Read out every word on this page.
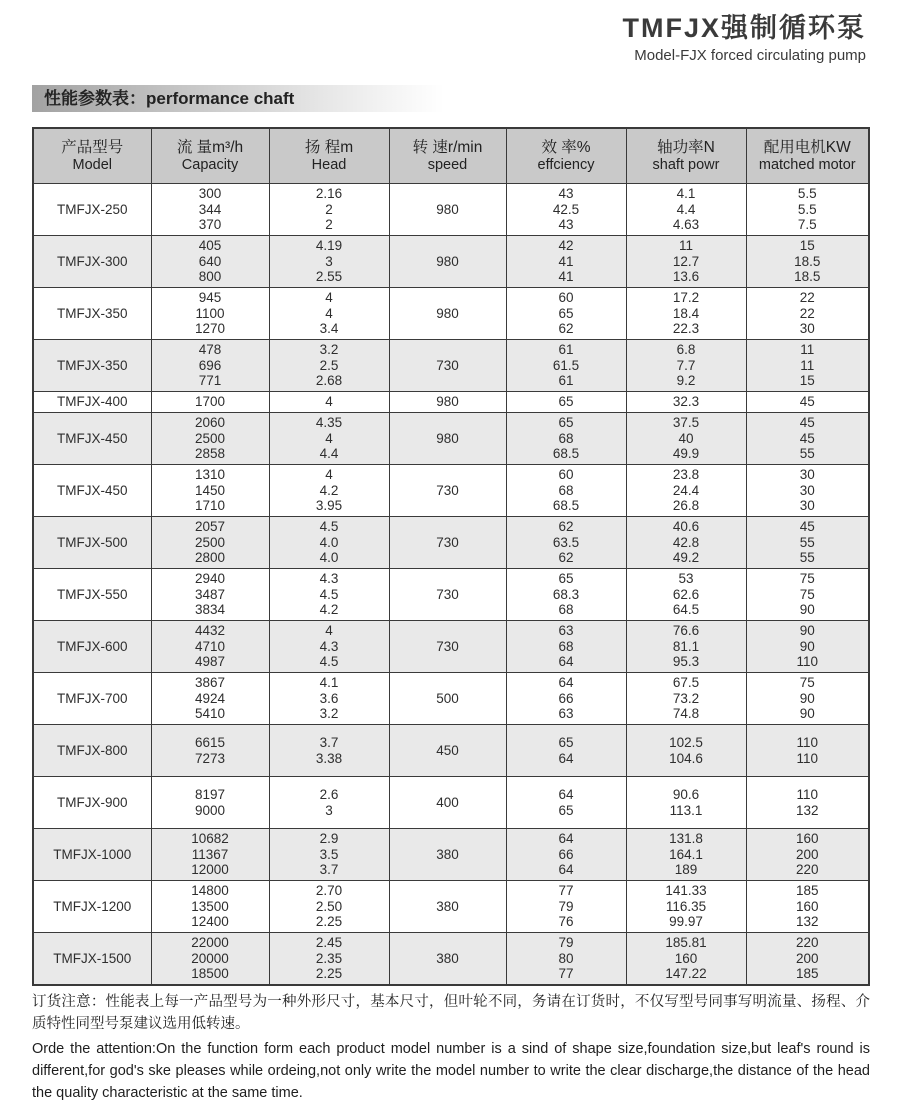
TMFJX强制循环泵
Model-FJX forced circulating pump
性能参数表：performance chaft
产品型号
Model

流 量m³/h
Capacity

扬 程m
Head

转 速r/min
speed

效 率%
effciency

轴功率N
shaft powr

配用电机KW
matched motor

TMFJX-250

300
344
370

2.16
2
2

980

43
42.5
43

4.1
4.4
4.63

5.5
5.5
7.5

TMFJX-300

405
640
800

4.19
3
2.55

980

42
41
41

11
12.7
13.6

15
18.5
18.5

TMFJX-350

945
1100
1270

4
4
3.4

980

60
65
62

17.2
18.4
22.3

22
22
30

TMFJX-350

478
696
771

3.2
2.5
2.68

730

61
61.5
61

6.8
7.7
9.2

11
11
15

TMFJX-400	1700	4	980	65	32.3	45

TMFJX-450

2060
2500
2858

4.35
4
4.4

980

65
68
68.5

37.5
40
49.9

45
45
55

TMFJX-450

1310
1450
1710

4
4.2
3.95

730

60
68
68.5

23.8
24.4
26.8

30
30
30

TMFJX-500

2057
2500
2800

4.5
4.0
4.0

730

62
63.5
62

40.6
42.8
49.2

45
55
55

TMFJX-550

2940
3487
3834

4.3
4.5
4.2

730

65
68.3
68

53
62.6
64.5

75
75
90

TMFJX-600

4432
4710
4987

4
4.3
4.5

730

63
68
64

76.6
81.1
95.3

90
90
110

TMFJX-700

3867
4924
5410

4.1
3.6
3.2

500

64
66
63

67.5
73.2
74.8

75
90
90

TMFJX-800

6615
7273

3.7
3.38

450

65
64

102.5
104.6

110
110

TMFJX-900

8197
9000

2.6
3

400

64
65

90.6
113.1

110
132

TMFJX-1000

10682
11367
12000

2.9
3.5
3.7

380

64
66
64

131.8
164.1
189

160
200
220

TMFJX-1200

14800
13500
12400

2.70
2.50
2.25

380

77
79
76

141.33
116.35
99.97

185
160
132

TMFJX-1500

22000
20000
18500

2.45
2.35
2.25

380

79
80
77

185.81
160
147.22

220
200
185

订货注意：性能表上每一产品型号为一种外形尺寸，基本尺寸，但叶轮不同，务请在订货时，不仅写型号同事写明流量、扬程、介质特性同型号泵建议选用低转速。

Orde the attention:On the function form each product model number is a sind of shape size,foundation size,but leaf's round is different,for god's ske pleases while ordeing,not only write the model number to write the clear discharge,the distance of the head the quality characteristic at the same time.
